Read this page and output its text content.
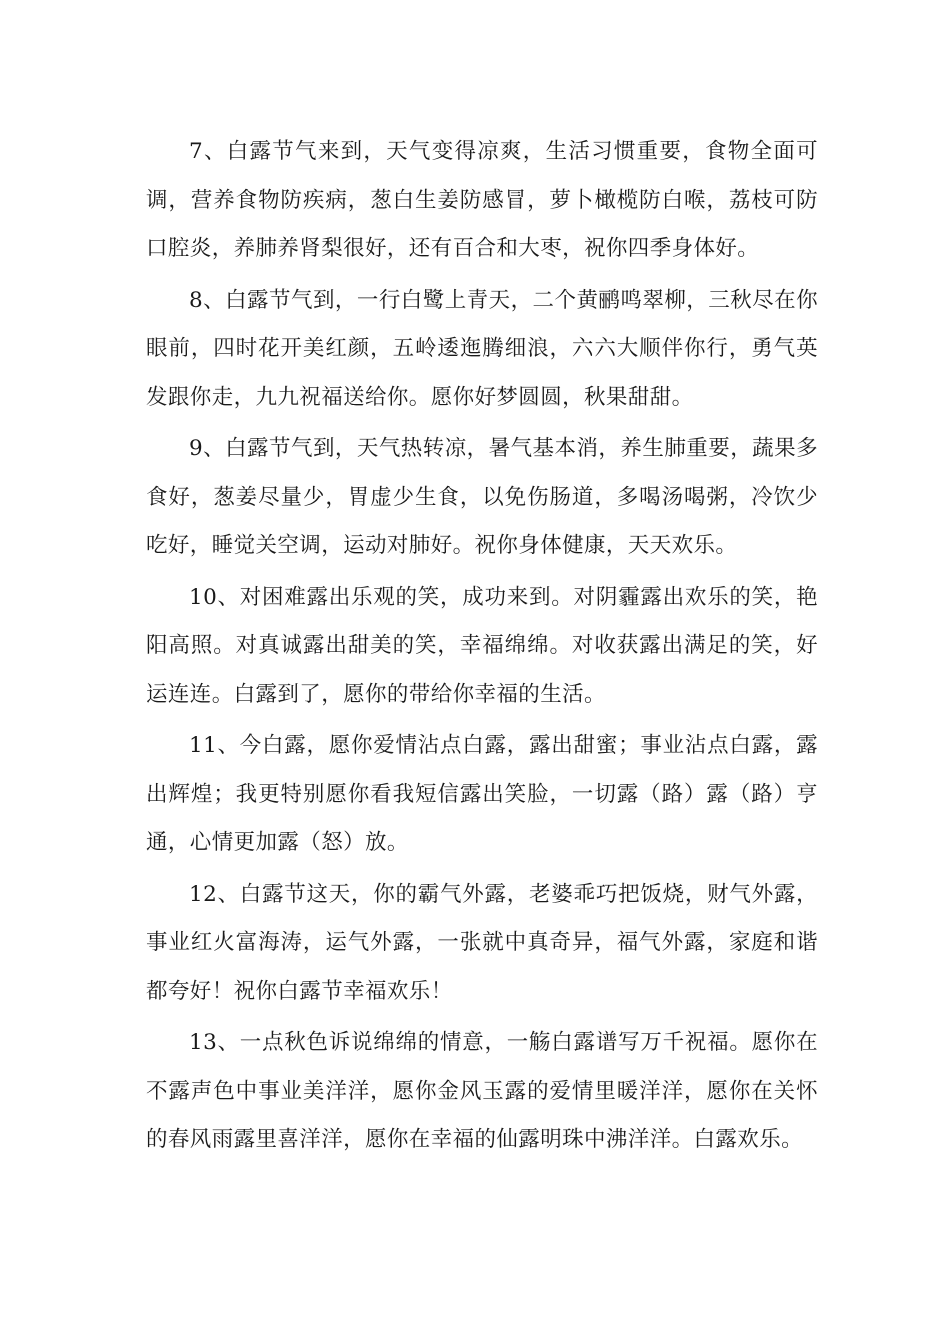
7、白露节气来到，天气变得凉爽，生活习惯重要，食物全面可调，营养食物防疾病，葱白生姜防感冒，萝卜橄榄防白喉，荔枝可防口腔炎，养肺养肾梨很好，还有百合和大枣，祝你四季身体好。

8、白露节气到，一行白鹭上青天，二个黄鹂鸣翠柳，三秋尽在你眼前，四时花开美红颜，五岭逶迤腾细浪，六六大顺伴你行，勇气英发跟你走，九九祝福送给你。愿你好梦圆圆，秋果甜甜。

9、白露节气到，天气热转凉，暑气基本消，养生肺重要，蔬果多食好，葱姜尽量少，胃虚少生食，以免伤肠道，多喝汤喝粥，冷饮少吃好，睡觉关空调，运动对肺好。祝你身体健康，天天欢乐。

10、对困难露出乐观的笑，成功来到。对阴霾露出欢乐的笑，艳阳高照。对真诚露出甜美的笑，幸福绵绵。对收获露出满足的笑，好运连连。白露到了，愿你的带给你幸福的生活。

11、今白露，愿你爱情沾点白露，露出甜蜜；事业沾点白露，露出辉煌；我更特别愿你看我短信露出笑脸，一切露（路）露（路）亨通，心情更加露（怒）放。

12、白露节这天，你的霸气外露，老婆乖巧把饭烧，财气外露，事业红火富海涛，运气外露，一张就中真奇异，福气外露，家庭和谐都夸好！祝你白露节幸福欢乐！

13、一点秋色诉说绵绵的情意，一觞白露谱写万千祝福。愿你在不露声色中事业美洋洋，愿你金风玉露的爱情里暖洋洋，愿你在关怀的春风雨露里喜洋洋，愿你在幸福的仙露明珠中沸洋洋。白露欢乐。
